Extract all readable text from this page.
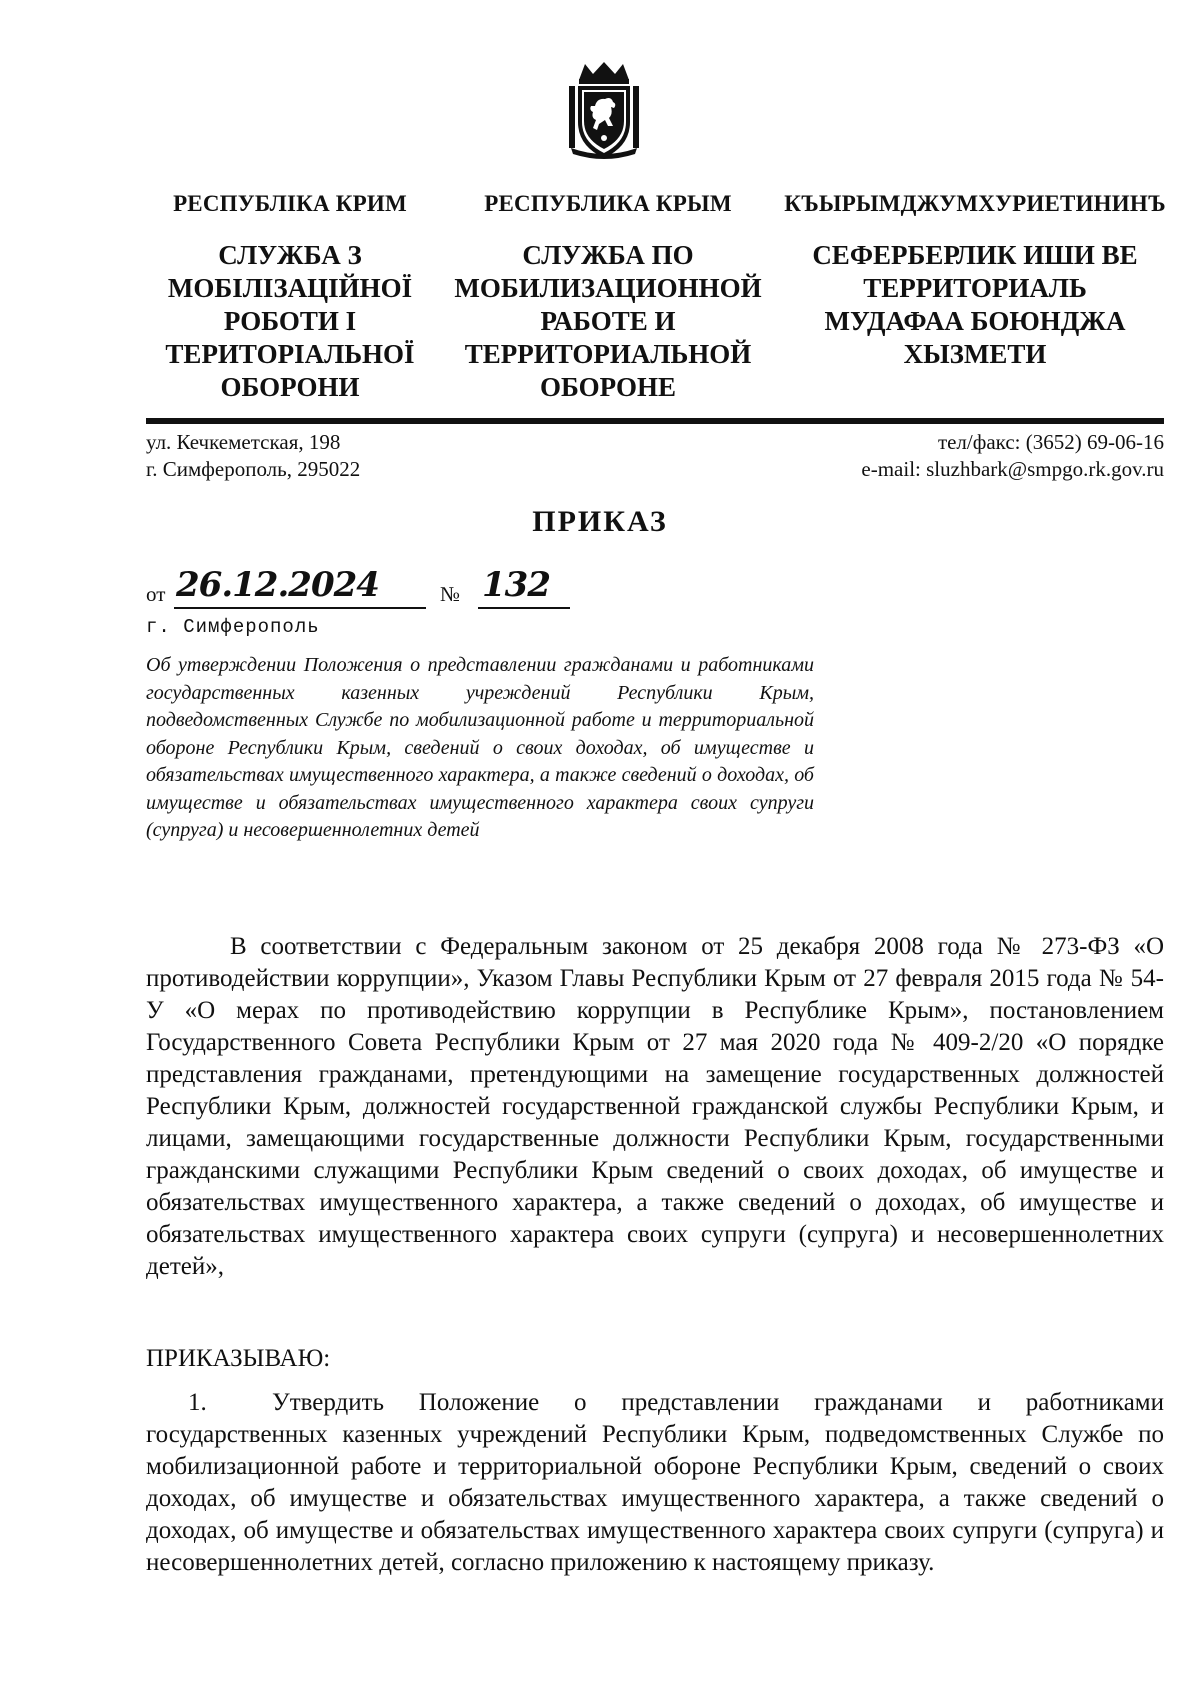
РЕСПУБЛІКА КРИМ
СЛУЖБА З
МОБІЛІЗАЦІЙНОЇ
РОБОТИ І
ТЕРИТОРІАЛЬНОЇ
ОБОРОНИ
РЕСПУБЛИКА КРЫМ
СЛУЖБА ПО
МОБИЛИЗАЦИОННОЙ
РАБОТЕ И
ТЕРРИТОРИАЛЬНОЙ
ОБОРОНЕ
КЪЫРЫМДЖУМХУРИЕТИНИНЪ
СЕФЕРБЕРЛИК ИШИ ВЕ
ТЕРРИТОРИАЛЬ
МУДАФАА БОЮНДЖА
ХЫЗМЕТИ
ул. Кечкеметская, 198
г. Симферополь, 295022
тел/факс: (3652) 69-06-16
e-mail: sluzhbark@smpgo.rk.gov.ru
ПРИКАЗ
от 26.12.2024	№ 132
г. Симферополь
Об утверждении Положения о представлении гражданами и работниками государственных казенных учреждений Республики Крым, подведомственных Службе по мобилизационной работе и территориальной обороне Республики Крым, сведений о своих доходах, об имуществе и обязательствах имущественного характера, а также сведений о доходах, об имуществе и обязательствах имущественного характера своих супруги (супруга) и несовершеннолетних детей
В соответствии с Федеральным законом от 25 декабря 2008 года № 273-ФЗ «О противодействии коррупции», Указом Главы Республики Крым от 27 февраля 2015 года № 54-У «О мерах по противодействию коррупции в Республике Крым», постановлением Государственного Совета Республики Крым от 27 мая 2020 года № 409-2/20 «О порядке представления гражданами, претендующими на замещение государственных должностей Республики Крым, должностей государственной гражданской службы Республики Крым, и лицами, замещающими государственные должности Республики Крым, государственными гражданскими служащими Республики Крым сведений о своих доходах, об имуществе и обязательствах имущественного характера, а также сведений о доходах, об имуществе и обязательствах имущественного характера своих супруги (супруга) и несовершеннолетних детей»,
ПРИКАЗЫВАЮ:
1.	Утвердить Положение о представлении гражданами и работниками государственных казенных учреждений Республики Крым, подведомственных Службе по мобилизационной работе и территориальной обороне Республики Крым, сведений о своих доходах, об имуществе и обязательствах имущественного характера, а также сведений о доходах, об имуществе и обязательствах имущественного характера своих супруги (супруга) и несовершеннолетних детей, согласно приложению к настоящему приказу.
